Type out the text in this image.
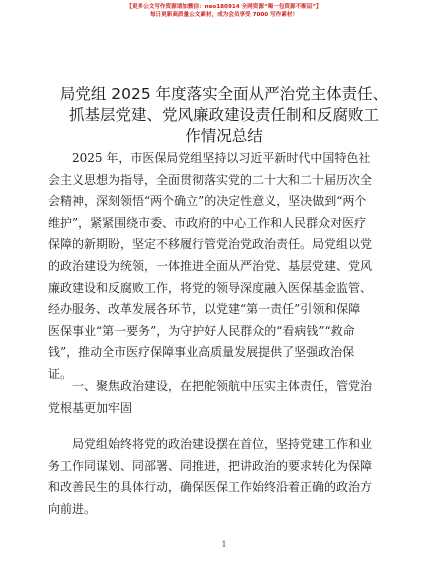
【更多公文写作资源请加微信：neo180914 全网资源“喝一包资源不断层”】
每日更新高质量公文素材，成为会员享受 7000 写作素材！
局党组 2025 年度落实全面从严治党主体责任、
抓基层党建、党风廉政建设责任制和反腐败工
作情况总结
2025 年，市医保局党组坚持以习近平新时代中国特色社
会主义思想为指导，全面贯彻落实党的二十大和二十届历次全
会精神，深刻领悟“两个确立”的决定性意义，坚决做到“两个
维护”，紧紧围绕市委、市政府的中心工作和人民群众对医疗
保障的新期盼，坚定不移履行管党治党政治责任。局党组以党
的政治建设为统领，一体推进全面从严治党、基层党建、党风
廉政建设和反腐败工作，将党的领导深度融入医保基金监管、
经办服务、改革发展各环节，以党建“第一责任”引领和保障
医保事业“第一要务”，为守护好人民群众的“看病钱”“救命
钱”，推动全市医疗保障事业高质量发展提供了坚强政治保
证。
一、聚焦政治建设，在把舵领航中压实主体责任，管党治
党根基更加牢固
局党组始终将党的政治建设摆在首位，坚持党建工作和业
务工作同谋划、同部署、同推进，把讲政治的要求转化为保障
和改善民生的具体行动，确保医保工作始终沿着正确的政治方
向前进。
1
